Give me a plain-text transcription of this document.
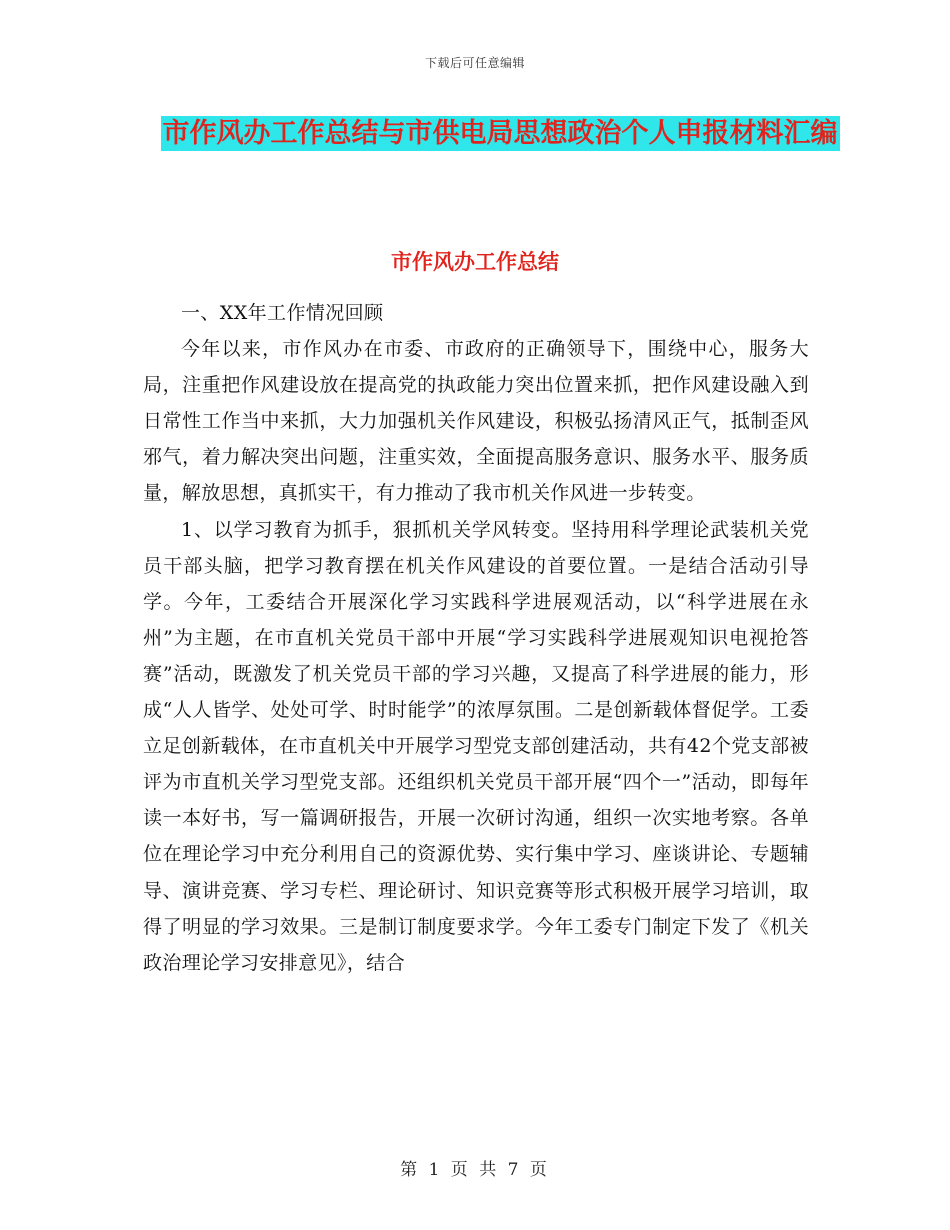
下载后可任意编辑
市作风办工作总结与市供电局思想政治个人申报材料汇编
市作风办工作总结

一、XX年工作情况回顾

今年以来，市作风办在市委、市政府的正确领导下，围绕中心，服务大局，注重把作风建设放在提高党的执政能力突出位置来抓，把作风建设融入到日常性工作当中来抓，大力加强机关作风建设，积极弘扬清风正气，抵制歪风邪气，着力解决突出问题，注重实效，全面提高服务意识、服务水平、服务质量，解放思想，真抓实干，有力推动了我市机关作风进一步转变。

1、以学习教育为抓手，狠抓机关学风转变。坚持用科学理论武装机关党员干部头脑，把学习教育摆在机关作风建设的首要位置。一是结合活动引导学。今年，工委结合开展深化学习实践科学进展观活动，以“科学进展在永州”为主题，在市直机关党员干部中开展“学习实践科学进展观知识电视抢答赛”活动，既激发了机关党员干部的学习兴趣，又提高了科学进展的能力，形成“人人皆学、处处可学、时时能学”的浓厚氛围。二是创新载体督促学。工委立足创新载体，在市直机关中开展学习型党支部创建活动，共有42个党支部被评为市直机关学习型党支部。还组织机关党员干部开展“四个一”活动，即每年读一本好书，写一篇调研报告，开展一次研讨沟通，组织一次实地考察。各单位在理论学习中充分利用自己的资源优势、实行集中学习、座谈讲论、专题辅导、演讲竞赛、学习专栏、理论研讨、知识竞赛等形式积极开展学习培训，取得了明显的学习效果。三是制订制度要求学。今年工委专门制定下发了《机关政治理论学习安排意见》，结合

第 1 页 共 7 页
